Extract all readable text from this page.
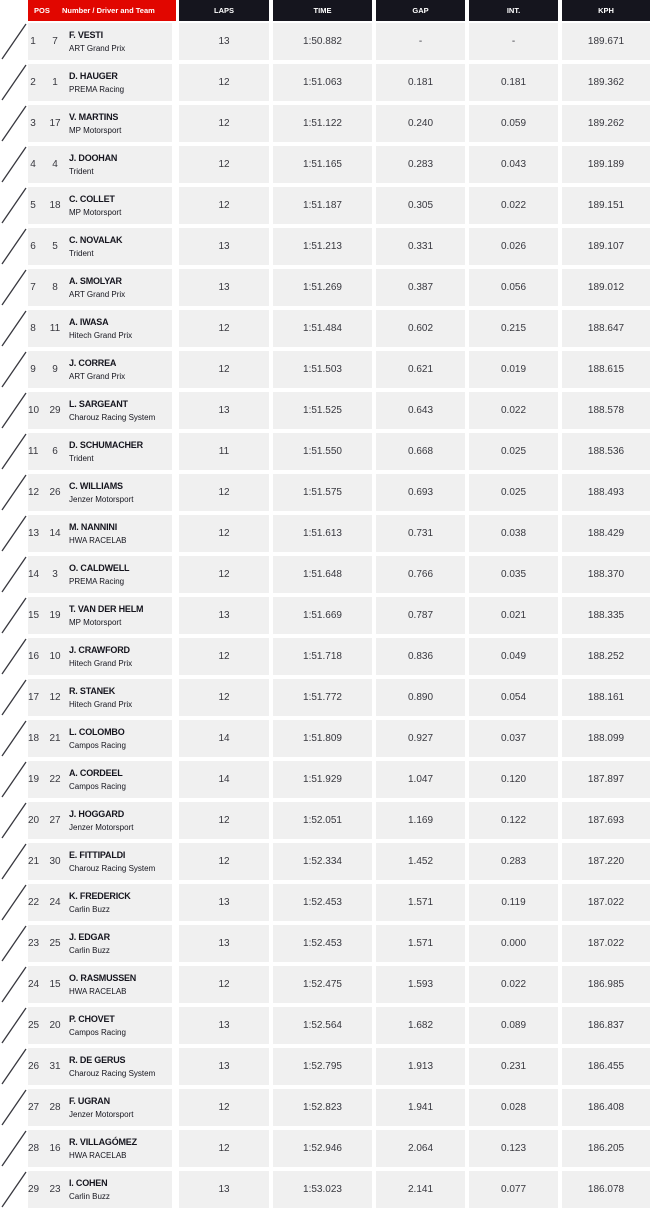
POS Number / Driver and Team	LAPS	TIME	GAP	INT.	KPH
1	7
F. VESTI
ART Grand Prix
13	1:50.882	-	-	189.671
2	1
D. HAUGER
PREMA Racing
12	1:51.063	0.181	0.181	189.362
3 17
V. MARTINS
MP Motorsport
12	1:51.122	0.240	0.059	189.262
4	4
J. DOOHAN
Trident
12	1:51.165	0.283	0.043	189.189
5 18
C. COLLET
MP Motorsport
12	1:51.187	0.305	0.022	189.151
6	5
C. NOVALAK
Trident
13	1:51.213	0.331	0.026	189.107
7	8
A. SMOLYAR
ART Grand Prix
13	1:51.269	0.387	0.056	189.012
8 11
A. IWASA
Hitech Grand Prix
12	1:51.484	0.602	0.215	188.647
9	9
J. CORREA
ART Grand Prix
12	1:51.503	0.621	0.019	188.615
10 29
L. SARGEANT
Charouz Racing System
13	1:51.525	0.643	0.022	188.578
11	6
D. SCHUMACHER
Trident
11	1:51.550	0.668	0.025	188.536
12 26
C. WILLIAMS
Jenzer Motorsport
12	1:51.575	0.693	0.025	188.493
13 14
M. NANNINI
HWA RACELAB
12	1:51.613	0.731	0.038	188.429
14	3
O. CALDWELL
PREMA Racing
12	1:51.648	0.766	0.035	188.370
15 19
T. VAN DER HELM
MP Motorsport
13	1:51.669	0.787	0.021	188.335
16 10
J. CRAWFORD
Hitech Grand Prix
12	1:51.718	0.836	0.049	188.252
17 12
R. STANEK
Hitech Grand Prix
12	1:51.772	0.890	0.054	188.161
18 21
L. COLOMBO
Campos Racing
14	1:51.809	0.927	0.037	188.099
19 22
A. CORDEEL
Campos Racing
14	1:51.929	1.047	0.120	187.897
20 27
J. HOGGARD
Jenzer Motorsport
12	1:52.051	1.169	0.122	187.693
21 30
E. FITTIPALDI
Charouz Racing System
12	1:52.334	1.452	0.283	187.220
22 24
K. FREDERICK
Carlin Buzz
13	1:52.453	1.571	0.119	187.022
23 25
J. EDGAR
Carlin Buzz
13	1:52.453	1.571	0.000	187.022
24 15
O. RASMUSSEN
HWA RACELAB
12	1:52.475	1.593	0.022	186.985
25 20
P. CHOVET
Campos Racing
13	1:52.564	1.682	0.089	186.837
26 31
R. DE GERUS
Charouz Racing System
13	1:52.795	1.913	0.231	186.455
27 28
F. UGRAN
Jenzer Motorsport
12	1:52.823	1.941	0.028	186.408
28 16
R. VILLAGÓMEZ
HWA RACELAB
12	1:52.946	2.064	0.123	186.205
29 23
I. COHEN
Carlin Buzz
13	1:53.023	2.141	0.077	186.078
